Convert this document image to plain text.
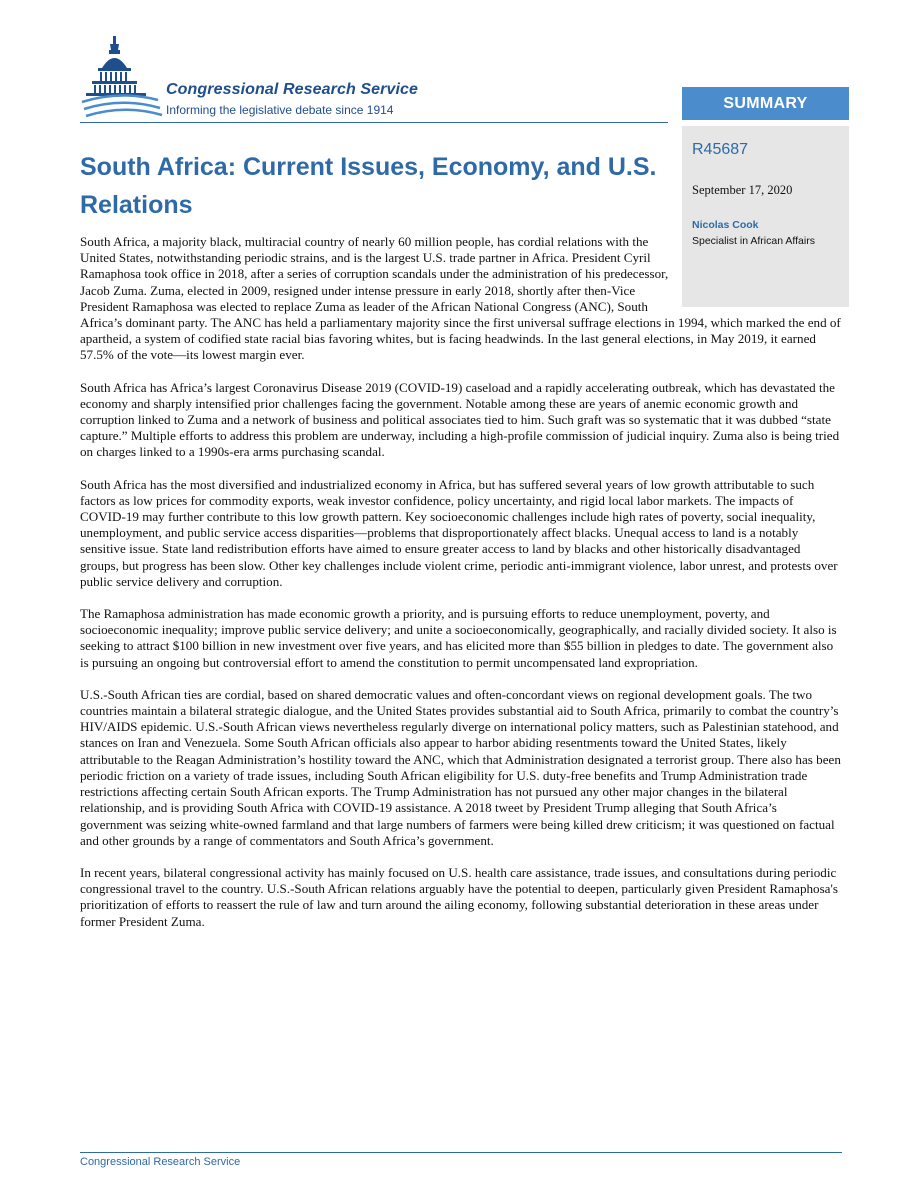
Congressional Research Service
Informing the legislative debate since 1914	SUMMARY
R45687
September 17, 2020
Nicolas Cook
Specialist in African Affairs
South Africa: Current Issues, Economy, and U.S. Relations

South Africa, a majority black, multiracial country of nearly 60 million people, has cordial relations with the United States, notwithstanding periodic strains, and is the largest U.S. trade partner in Africa. President Cyril Ramaphosa took office in 2018, after a series of corruption scandals under the administration of his predecessor, Jacob Zuma. Zuma, elected in 2009, resigned under intense pressure in early 2018, shortly after then-Vice President Ramaphosa was elected to replace Zuma as leader of the African National Congress (ANC), South Africa’s dominant party. The ANC has held a parliamentary majority since the first universal suffrage elections in 1994, which marked the end of apartheid, a system of codified state racial bias favoring whites, but is facing headwinds. In the last general elections, in May 2019, it earned 57.5% of the vote—its lowest margin ever.

South Africa has Africa’s largest Coronavirus Disease 2019 (COVID-19) caseload and a rapidly accelerating outbreak, which has devastated the economy and sharply intensified prior challenges facing the government. Notable among these are years of anemic economic growth and corruption linked to Zuma and a network of business and political associates tied to him. Such graft was so systematic that it was dubbed “state capture.” Multiple efforts to address this problem are underway, including a high-profile commission of judicial inquiry. Zuma also is being tried on charges linked to a 1990s-era arms purchasing scandal.

South Africa has the most diversified and industrialized economy in Africa, but has suffered several years of low growth attributable to such factors as low prices for commodity exports, weak investor confidence, policy uncertainty, and rigid local labor markets. The impacts of COVID-19 may further contribute to this low growth pattern. Key socioeconomic challenges include high rates of poverty, social inequality, unemployment, and public service access disparities—problems that disproportionately affect blacks. Unequal access to land is a notably sensitive issue. State land redistribution efforts have aimed to ensure greater access to land by blacks and other historically disadvantaged groups, but progress has been slow. Other key challenges include violent crime, periodic anti-immigrant violence, labor unrest, and protests over public service delivery and corruption.

The Ramaphosa administration has made economic growth a priority, and is pursuing efforts to reduce unemployment, poverty, and socioeconomic inequality; improve public service delivery; and unite a socioeconomically, geographically, and racially divided society. It also is seeking to attract $100 billion in new investment over five years, and has elicited more than $55 billion in pledges to date. The government also is pursuing an ongoing but controversial effort to amend the constitution to permit uncompensated land expropriation.

U.S.-South African ties are cordial, based on shared democratic values and often-concordant views on regional development goals. The two countries maintain a bilateral strategic dialogue, and the United States provides substantial aid to South Africa, primarily to combat the country’s HIV/AIDS epidemic. U.S.-South African views nevertheless regularly diverge on international policy matters, such as Palestinian statehood, and stances on Iran and Venezuela. Some South African officials also appear to harbor abiding resentments toward the United States, likely attributable to the Reagan Administration’s hostility toward the ANC, which that Administration designated a terrorist group. There also has been periodic friction on a variety of trade issues, including South African eligibility for U.S. duty-free benefits and Trump Administration trade restrictions affecting certain South African exports. The Trump Administration has not pursued any other major changes in the bilateral relationship, and is providing South Africa with COVID-19 assistance. A 2018 tweet by President Trump alleging that South Africa’s government was seizing white-owned farmland and that large numbers of farmers were being killed drew criticism; it was questioned on factual and other grounds by a range of commentators and South Africa’s government.

In recent years, bilateral congressional activity has mainly focused on U.S. health care assistance, trade issues, and consultations during periodic congressional travel to the country. U.S.-South African relations arguably have the potential to deepen, particularly given President Ramaphosa's prioritization of efforts to reassert the rule of law and turn around the ailing economy, following substantial deterioration in these areas under former President Zuma.

Congressional Research Service
